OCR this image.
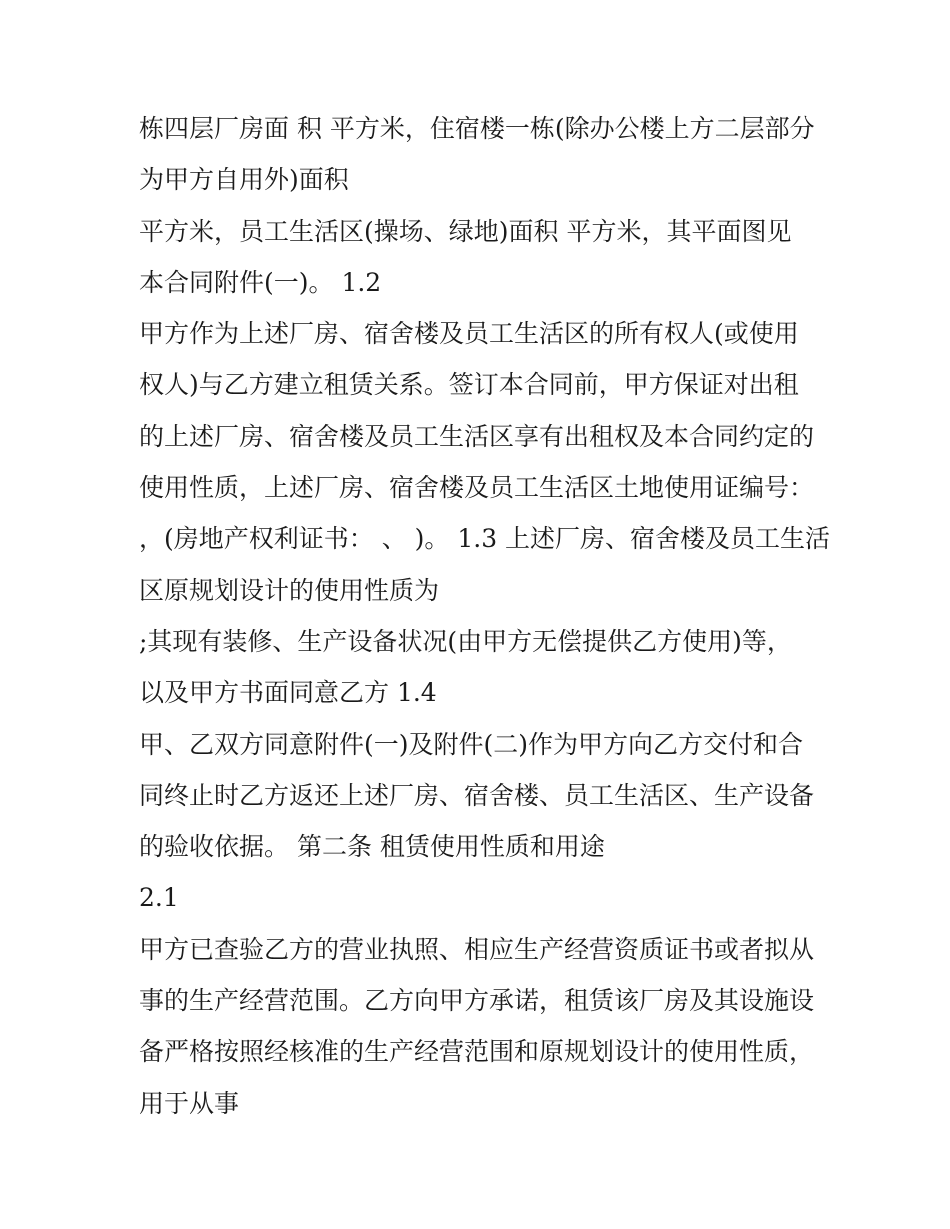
栋四层厂房面 积 平方米，住宿楼一栋(除办公楼上方二层部分
为甲方自用外)面积
平方米，员工生活区(操场、绿地)面积 平方米，其平面图见
本合同附件(一)。 1.2
甲方作为上述厂房、宿舍楼及员工生活区的所有权人(或使用
权人)与乙方建立租赁关系。签订本合同前，甲方保证对出租
的上述厂房、宿舍楼及员工生活区享有出租权及本合同约定的
使用性质，上述厂房、宿舍楼及员工生活区土地使用证编号：
，(房地产权利证书： 、 )。 1.3 上述厂房、宿舍楼及员工生活
区原规划设计的使用性质为
;其现有装修、生产设备状况(由甲方无偿提供乙方使用)等，
以及甲方书面同意乙方 1.4
甲、乙双方同意附件(一)及附件(二)作为甲方向乙方交付和合
同终止时乙方返还上述厂房、宿舍楼、员工生活区、生产设备
的验收依据。 第二条 租赁使用性质和用途
2.1
甲方已查验乙方的营业执照、相应生产经营资质证书或者拟从
事的生产经营范围。乙方向甲方承诺，租赁该厂房及其设施设
备严格按照经核准的生产经营范围和原规划设计的使用性质，
用于从事
